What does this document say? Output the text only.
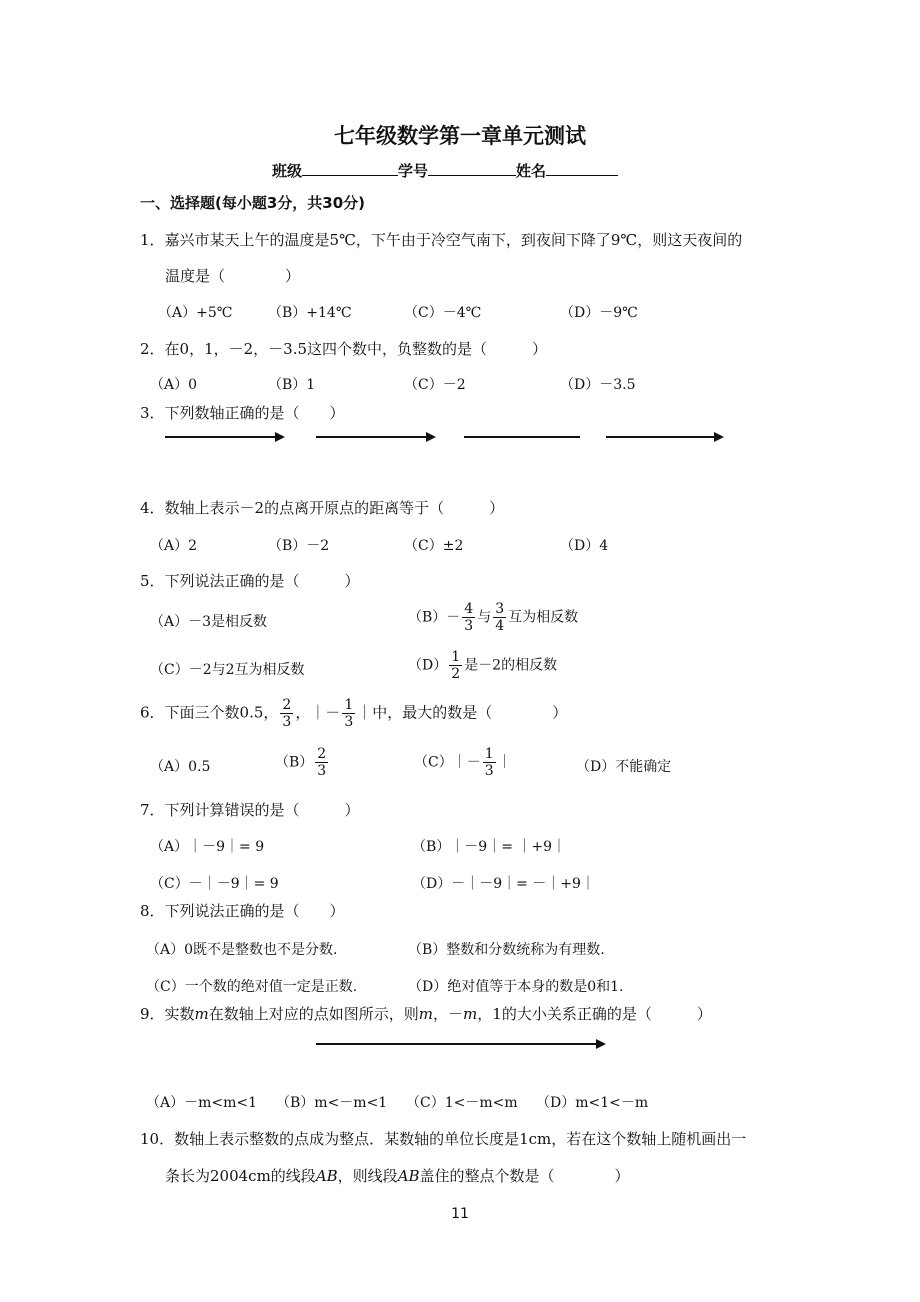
七年级数学第一章单元测试
班级	学号	姓名
一、选择题(每小题3分，共30分)
1．嘉兴市某天上午的温度是5℃，下午由于冷空气南下，到夜间下降了9℃，则这天夜间的
温度是（　　　　）
（A）+5℃	（B）+14℃	（C）－4℃	（D）－9℃
2．在0，1，－2，－3.5这四个数中，负整数的是（　　　）
（A）0	（B）1	（C）－2	（D）－3.5
3．下列数轴正确的是（　　）
4．数轴上表示－2的点离开原点的距离等于（　　　）
（A）2	（B）－2	（C）±2	（D）4
5．下列说法正确的是（　　　）
（A）－3是相反数	$(B)- \frac{4}{3}$ 与 $\frac{3}{4}$ 互为相反数
（C）－2与2互为相反数	$(D) \frac{1}{2}$ 是－2的相反数
6．下面三个数0.5， $\frac{2}{3}$ ，｜－ $\frac{1}{3}$ ｜中，最大的数是（　　　　）
（A）0.5	$(B) \frac{2}{3}$	（C）｜－ $\frac{1}{3}$ ｜	（D）不能确定
7．下列计算错误的是（　　　）
（A）｜－9｜= 9	（B）｜－9｜= ｜+9｜
（C）－｜－9｜= 9	（D）－｜－9｜= －｜+9｜
8．下列说法正确的是（　　）
（A）0既不是整数也不是分数.	（B）整数和分数统称为有理数.
（C）一个数的绝对值一定是正数.	（D）绝对值等于本身的数是0和1.
9．实数m在数轴上对应的点如图所示，则m，－m，1的大小关系正确的是（　　　）
（A）－m<m<1 （B）m<－m<1 （C）1<－m<m （D）m<1<－m
10．数轴上表示整数的点成为整点．某数轴的单位长度是1cm，若在这个数轴上随机画出一
条长为2004cm的线段AB，则线段AB盖住的整点个数是（　　　　）
11
